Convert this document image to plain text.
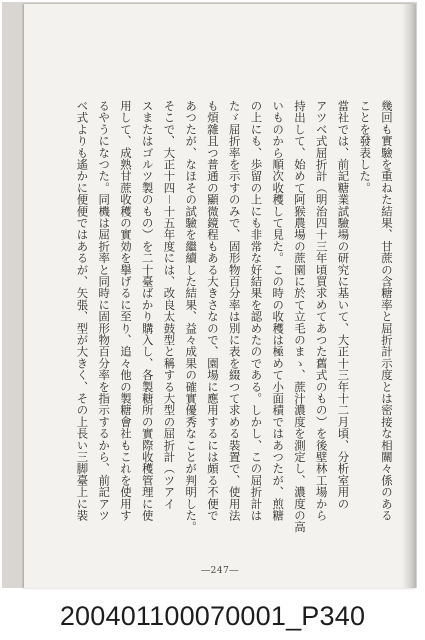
幾回も實驗を重ねた結果、甘蔗の含糖率と屈折計示度とは密接な相關々係のある
ことを發表した。
當社では、前記糖業試驗場の研究に基いて、大正十三年十二月頃、分析室用の
アツベ式屈折計（明治四十三年頃買求めてあつた舊式のもの）を後壁林工場から
持出して、始めて阿猴農場の蔗園に於て立毛のまゝ、蔗汁濃度を測定し、濃度の高
いものから順次收穫して見た。この時の收穫は極めて小面積ではあつたが、煎糖
の上にも、歩留の上にも非常な好結果を認めたのである。しかし、この屈折計は
たゞ屈折率を示すのみで、固形物百分率は別に表を綴つて求める裝置で、使用法
も煩雜且つ普通の顯微鏡程もある大きさなので、園場に應用するには頗る不便で
あつたが、なほその試驗を繼續した結果、益々成果の確實優秀なことが判明した。
そこで、大正十四－十五年度には、改良太鼓型と稱する大型の屈折計（ツアイ
スまたはゴルツ製のもの）を二十臺ばかり購入し、各製糖所の實際收穫管理に使
用して、成熟甘蔗收穫の實効を擧げるに至り、追々他の製糖會社もこれを使用す
るやうになつた。同機は屈折率と同時に固形物百分率を指示するから、前記アツ
ベ式よりも遙かに便便ではあるが、矢張、型が大きく、その上長い三脚臺上に裝
―247―
200401100070001_P340
